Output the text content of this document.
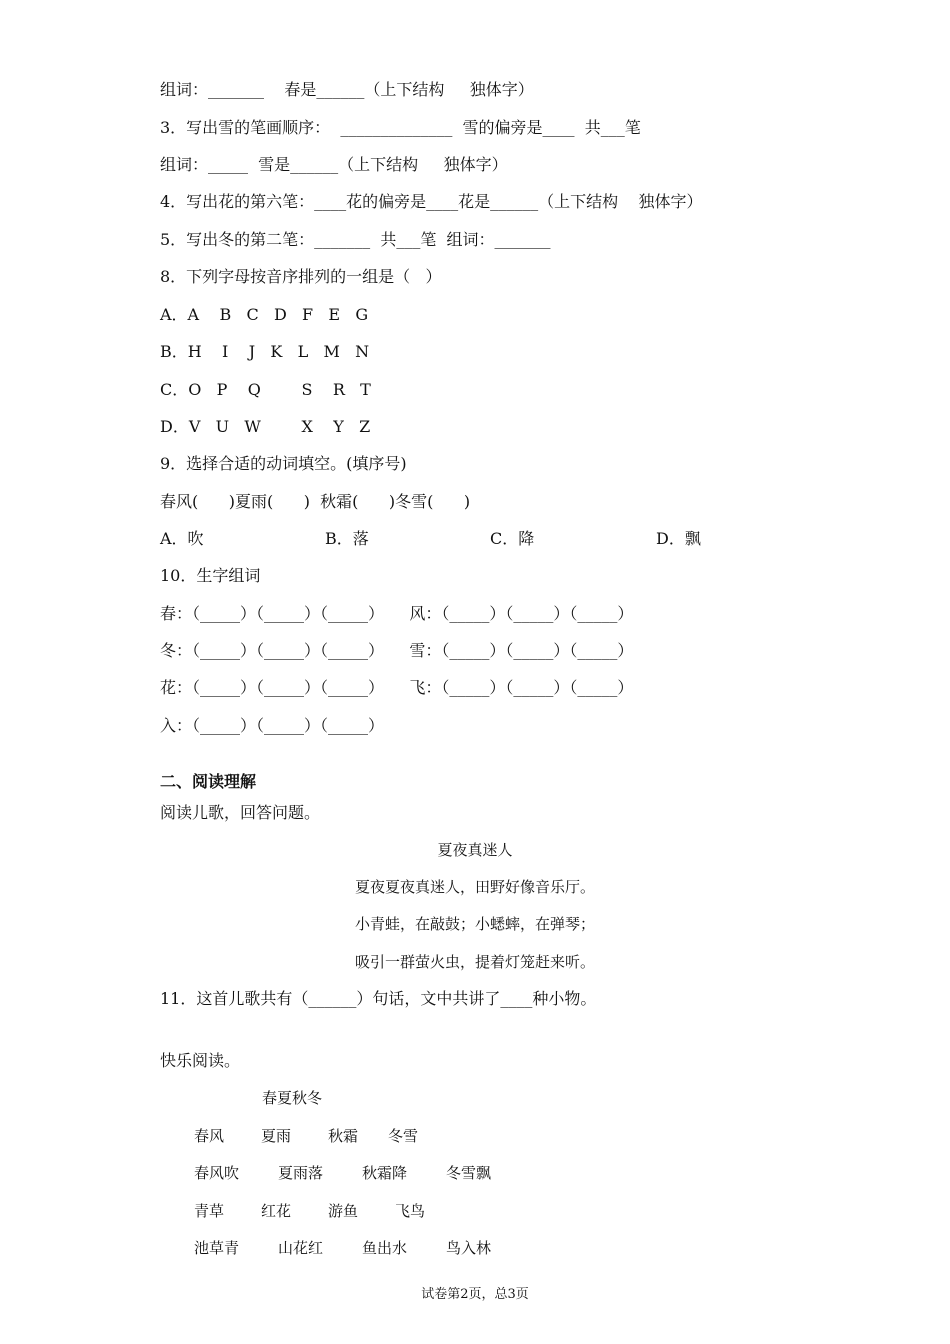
组词：_______    春是______（上下结构     独体字）
3．写出雪的笔画顺序：  ______________  雪的偏旁是____  共___笔
组词：_____  雪是______（上下结构     独体字）
4．写出花的第六笔：____花的偏旁是____花是______（上下结构    独体字）
5．写出冬的第二笔：_______  共___笔  组词：_______
8．下列字母按音序排列的一组是（   ）
A．A    B   C   D   F   E   G
B．H    I    J   K   L   M   N
C．O   P    Q        S    R   T
D．V   U   W        X    Y   Z
9．选择合适的动词填空。(填序号)
春风(      )夏雨(      )  秋霜(      )冬雪(      )
A．吹	B．落	C．降	D．飘
10．生字组词
春：（_____）（_____）（_____）     风：（_____）（_____）（_____）
冬：（_____）（_____）（_____）     雪：（_____）（_____）（_____）
花：（_____）（_____）（_____）     飞：（_____）（_____）（_____）
入：（_____）（_____）（_____）
二、阅读理解
阅读儿歌，回答问题。
夏夜真迷人
夏夜夏夜真迷人，田野好像音乐厅。
小青蛙，在敲鼓；小蟋蟀，在弹琴；
吸引一群萤火虫，提着灯笼赶来听。
11．这首儿歌共有（______）句话，文中共讲了____种小物。
快乐阅读。
春夏秋冬
春风 夏雨 秋霜 冬雪
春风吹	夏雨落	秋霜降	冬雪飘
青草 红花 游鱼 飞鸟
池草青	山花红	鱼出水	鸟入林
试卷第2页，总3页
